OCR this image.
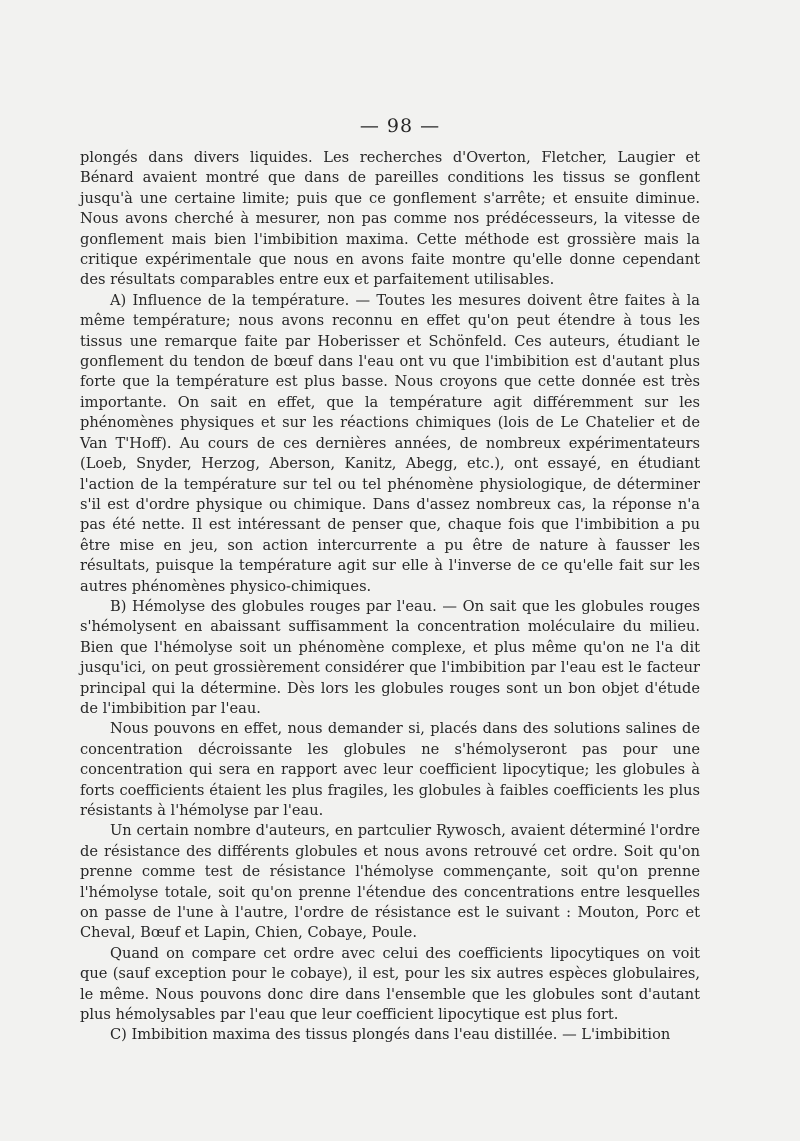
— 98 —

plongés dans divers liquides. Les recherches d'Overton, Fletcher, Laugier et Bénard avaient montré que dans de pareilles conditions les tissus se gonflent jusqu'à une certaine limite; puis que ce gonflement s'arrête; et ensuite diminue. Nous avons cherché à mesurer, non pas comme nos prédécesseurs, la vitesse de gonflement mais bien l'imbibition maxima. Cette méthode est grossière mais la critique expérimentale que nous en avons faite montre qu'elle donne cependant des résultats comparables entre eux et parfaitement utilisables.

A) Influence de la température. — Toutes les mesures doivent être faites à la même température; nous avons reconnu en effet qu'on peut étendre à tous les tissus une remarque faite par Hoberisser et Schönfeld. Ces auteurs, étudiant le gonflement du tendon de bœuf dans l'eau ont vu que l'imbibition est d'autant plus forte que la température est plus basse. Nous croyons que cette donnée est très importante. On sait en effet, que la température agit différemment sur les phénomènes physiques et sur les réactions chimiques (lois de Le Chatelier et de Van T'Hoff). Au cours de ces dernières années, de nombreux expérimentateurs (Loeb, Snyder, Herzog, Aberson, Kanitz, Abegg, etc.), ont essayé, en étudiant l'action de la température sur tel ou tel phénomène physiologique, de déterminer s'il est d'ordre physique ou chimique. Dans d'assez nombreux cas, la réponse n'a pas été nette. Il est intéressant de penser que, chaque fois que l'imbibition a pu être mise en jeu, son action intercurrente a pu être de nature à fausser les résultats, puisque la température agit sur elle à l'inverse de ce qu'elle fait sur les autres phénomènes physico-chimiques.

B) Hémolyse des globules rouges par l'eau. — On sait que les globules rouges s'hémolysent en abaissant suffisamment la concentration moléculaire du milieu. Bien que l'hémolyse soit un phénomène complexe, et plus même qu'on ne l'a dit jusqu'ici, on peut grossièrement considérer que l'imbibition par l'eau est le facteur principal qui la détermine. Dès lors les globules rouges sont un bon objet d'étude de l'imbibition par l'eau.

Nous pouvons en effet, nous demander si, placés dans des solutions salines de concentration décroissante les globules ne s'hémolyseront pas pour une concentration qui sera en rapport avec leur coefficient lipocytique; les globules à forts coefficients étaient les plus fragiles, les globules à faibles coefficients les plus résistants à l'hémolyse par l'eau.

Un certain nombre d'auteurs, en partculier Rywosch, avaient déterminé l'ordre de résistance des différents globules et nous avons retrouvé cet ordre. Soit qu'on prenne comme test de résistance l'hémolyse commençante, soit qu'on prenne l'hémolyse totale, soit qu'on prenne l'étendue des concentrations entre lesquelles on passe de l'une à l'autre, l'ordre de résistance est le suivant : Mouton, Porc et Cheval, Bœuf et Lapin, Chien, Cobaye, Poule.

Quand on compare cet ordre avec celui des coefficients lipocytiques on voit que (sauf exception pour le cobaye), il est, pour les six autres espèces globulaires, le même. Nous pouvons donc dire dans l'ensemble que les globules sont d'autant plus hémolysables par l'eau que leur coefficient lipocytique est plus fort.

C) Imbibition maxima des tissus plongés dans l'eau distillée. — L'imbibition
